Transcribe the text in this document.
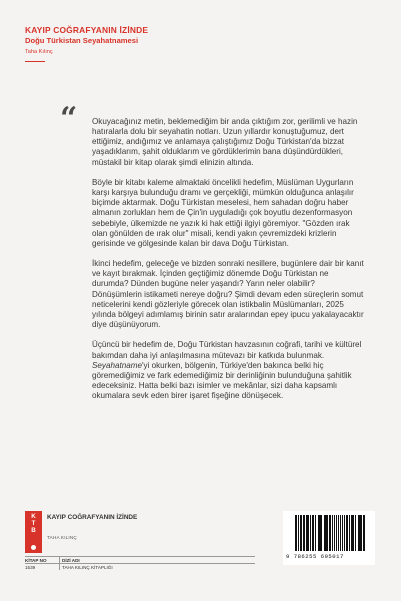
KAYIP COĞRAFYANIN İZİNDE
Doğu Türkistan Seyahatnamesi
Taha Kılınç
“ Okuyacağınız metin, beklemediğim bir anda çıktığım zor, gerilimli ve hazin hatıralarla dolu bir seyahatin notları. Uzun yıllardır konuştuğumuz, dert ettiğimiz, andığımız ve anlamaya çalıştığımız Doğu Türkistan'da bizzat yaşadıklarım, şahit olduklarım ve gördüklerimin bana düşündürdükleri, müstakil bir kitap olarak şimdi elinizin altında.

Böyle bir kitabı kaleme almaktaki öncelikli hedefim, Müslüman Uygurların karşı karşıya bulunduğu dramı ve gerçekliği, mümkün olduğunca anlaşılır biçimde aktarmak. Doğu Türkistan meselesi, hem sahadan doğru haber almanın zorlukları hem de Çin'in uyguladığı çok boyutlu dezenformasyon sebebiyle, ülkemizde ne yazık ki hak ettiği ilgiyi göremiyor. "Gözden ırak olan gönülden de ırak olur" misali, kendi yakın çevremizdeki krizlerin gerisinde ve gölgesinde kalan bir dava Doğu Türkistan.

İkinci hedefim, geleceğe ve bizden sonraki nesillere, bugünlere dair bir kanıt ve kayıt bırakmak. İçinden geçtiğimiz dönemde Doğu Türkistan ne durumda? Dünden bugüne neler yaşandı? Yarın neler olabilir? Dönüşümlerin istikameti nereye doğru? Şimdi devam eden süreçlerin somut neticelerini kendi gözleriyle görecek olan istikbalin Müslümanları, 2025 yılında bölgeyi adımlamış birinin satır aralarından epey ipucu yakalayacaktır diye düşünüyorum.

Üçüncü bir hedefim de, Doğu Türkistan havzasının coğrafi, tarihi ve kültürel bakımdan daha iyi anlaşılmasına mütevazı bir katkıda bulunmak. Seyahatname'yi okurken, bölgenin, Türkiye'den bakınca belki hiç göremediğimiz ve fark edemediğimiz bir derinliğinin bulunduğuna şahitlik edeceksiniz. Hatta belki bazı isimler ve mekânlar, sizi daha kapsamlı okumalara sevk eden birer işaret fişeğine dönüşecek.

K
T
B
KAYIP COĞRAFYANIN İZİNDE
TAHA KILINÇ
KİTAP NO	DİZİ ADI
1539	TAHA KILINÇ KİTAPLIĞI
9 786255 695017
